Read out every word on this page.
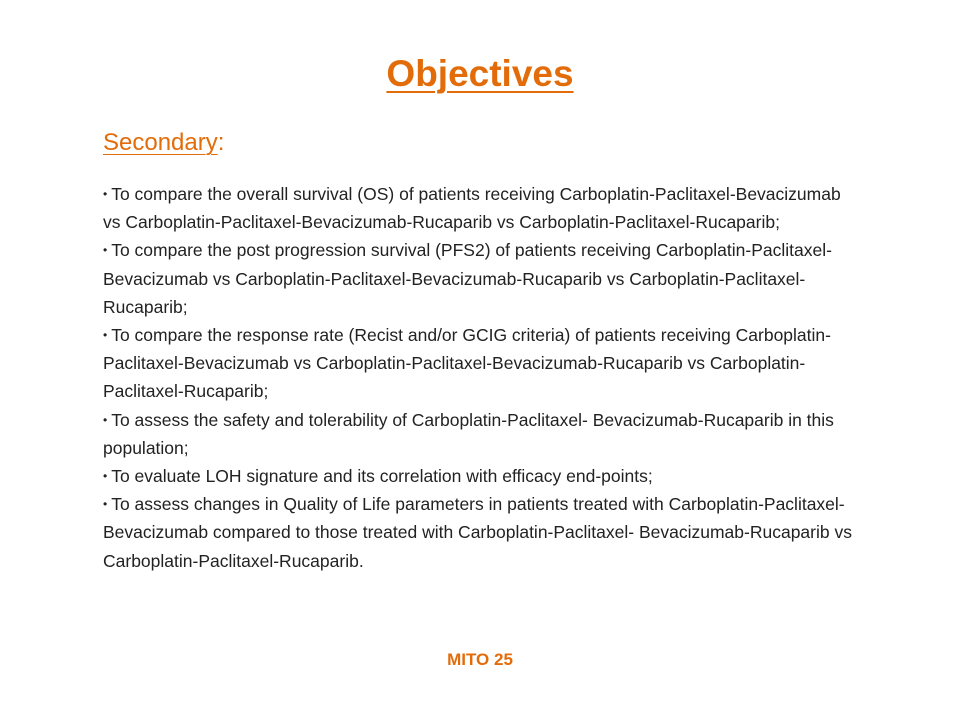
Objectives
Secondary:
• To compare the overall survival (OS) of patients receiving Carboplatin-Paclitaxel-Bevacizumab vs Carboplatin-Paclitaxel-Bevacizumab-Rucaparib vs Carboplatin-Paclitaxel-Rucaparib;
• To compare the post progression survival (PFS2) of patients receiving Carboplatin-Paclitaxel-Bevacizumab vs Carboplatin-Paclitaxel-Bevacizumab-Rucaparib vs Carboplatin-Paclitaxel-Rucaparib;
• To compare the response rate (Recist and/or GCIG criteria) of patients receiving Carboplatin-Paclitaxel-Bevacizumab vs Carboplatin-Paclitaxel-Bevacizumab-Rucaparib vs Carboplatin-Paclitaxel-Rucaparib;
• To assess the safety and tolerability of Carboplatin-Paclitaxel- Bevacizumab-Rucaparib in this population;
• To evaluate LOH signature and its correlation with efficacy end-points;
• To assess changes in Quality of Life parameters in patients treated with Carboplatin-Paclitaxel-Bevacizumab compared to those treated with Carboplatin-Paclitaxel- Bevacizumab-Rucaparib vs Carboplatin-Paclitaxel-Rucaparib.
MITO 25
